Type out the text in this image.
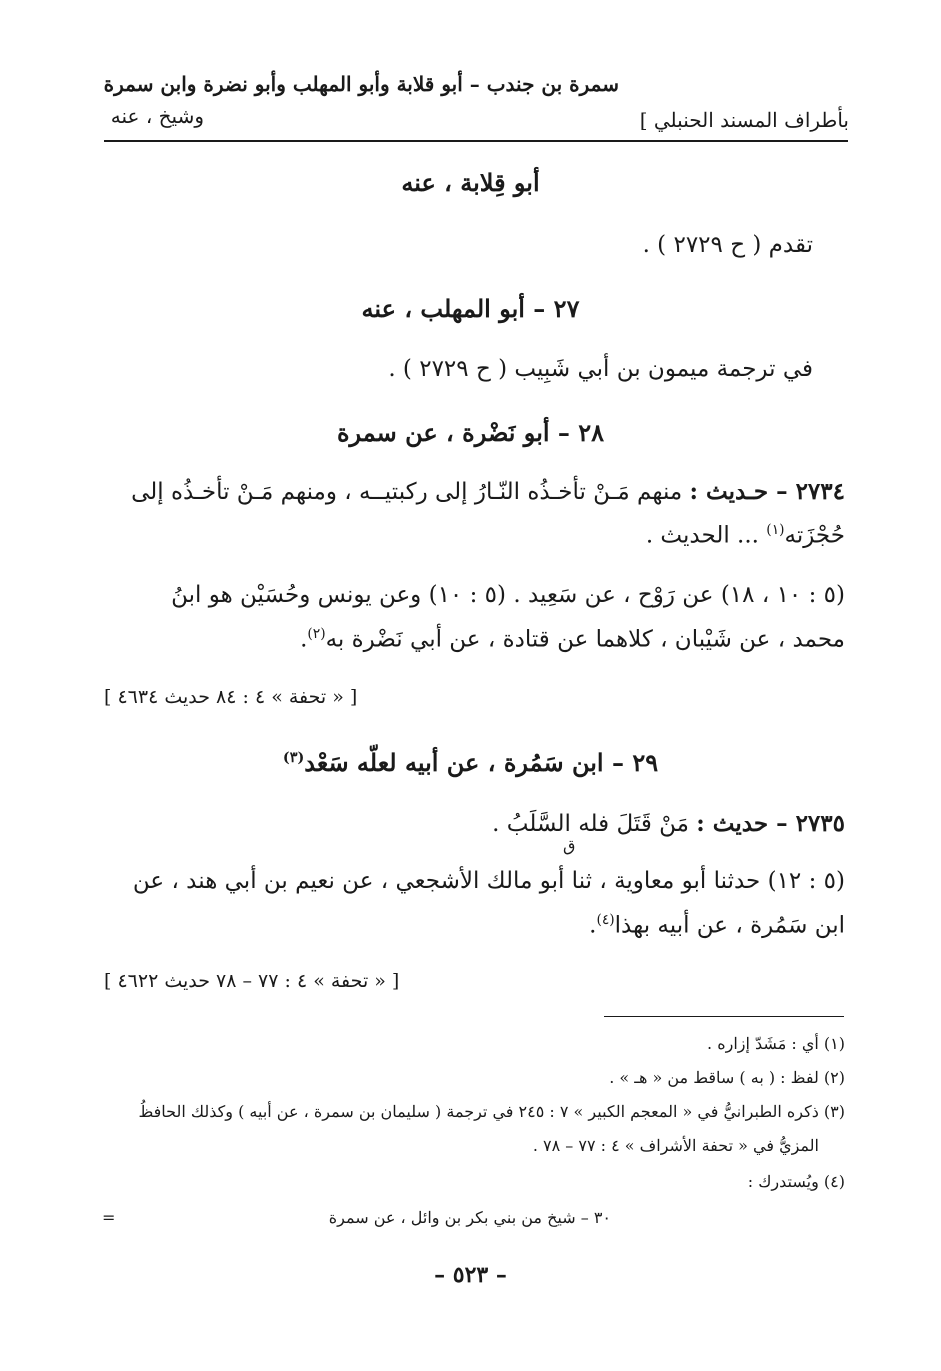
سمرة بن جندب – أبو قلابة وأبو المهلب وأبو نضرة وابن سمرة
وشيخ ، عنه	بأطراف المسند الحنبلي ]
أبو قِلابة ، عنه
تقدم ( ح ٢٧٢٩ ) .
٢٧ – أبو المهلب ، عنه
في ترجمة ميمون بن أبي شَبِيب ( ح ٢٧٢٩ ) .
٢٨ – أبو نَضْرة ، عن سمرة
٢٧٣٤ – حـديث : منهم مَـنْ تأخـذُه النّـارُ إلى ركبتيــه ، ومنهم مَـنْ تأخـذُه إلى
حُجْزَته$^{(١)}$ ... الحديث .
(٥ : ١٠ ، ١٨) عن رَوْح ، عن سَعِيد . (٥ : ١٠) وعن يونس وحُسَيْن هو ابنُ
محمد ، عن شَيْبان ، كلاهما عن قتادة ، عن أبي نَضْرة به$^{(٢)}$.
[ « تحفة » ٤ : ٨٤ حديث ٤٦٣٤ ]
٢٩ – ابن سَمُرة ، عن أبيه لعلّه سَعْد$^{(٣)}$
٢٧٣٥ – حديث : مَنْ قَتَلَ فله السَّلَبُ .
ق
(٥ : ١٢) حدثنا أبو معاوية ، ثنا أبو مالك الأشجعي ، عن نعيم بن أبي هند ، عن
ابن سَمُرة ، عن أبيه بهذا$^{(٤)}$.
[ « تحفة » ٤ : ٧٧ – ٧٨ حديث ٤٦٢٢ ]
(١) أي : مَشَدّ إزاره .
(٢) لفظ : ( به ) ساقط من « هـ » .
(٣) ذكره الطبرانيُّ في « المعجم الكبير » ٧ : ٢٤٥ في ترجمة ( سليمان بن سمرة ، عن أبيه ) وكذلك الحافظُ
المزيُّ في « تحفة الأشراف » ٤ : ٧٧ – ٧٨ .
(٤) ويُستدرك :
٣٠ – شيخ من بني بكر بن وائل ، عن سمرة
=
– ٥٢٣ –
